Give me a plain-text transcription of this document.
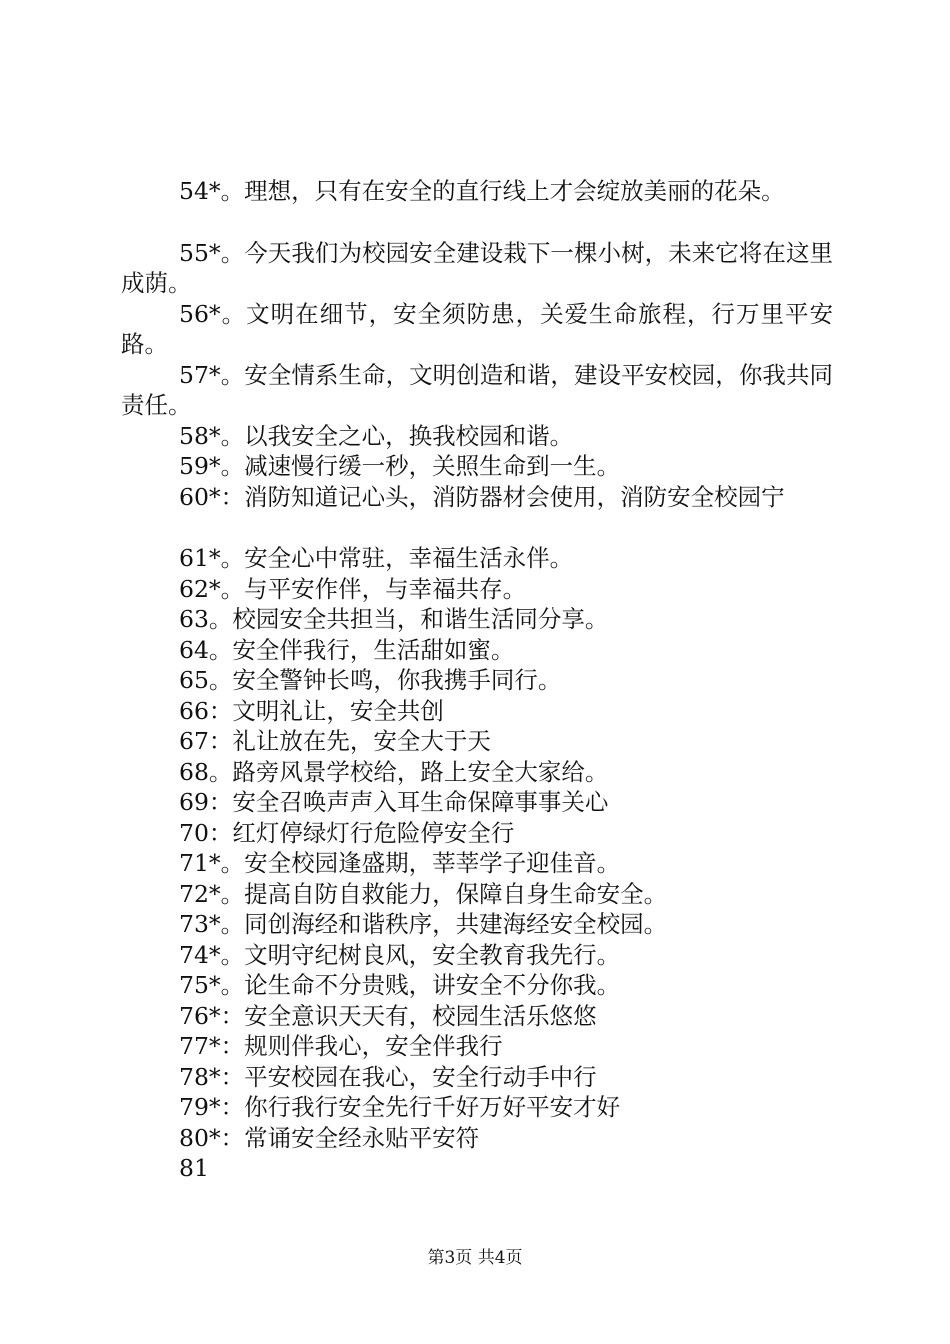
54*。理想，只有在安全的直行线上才会绽放美丽的花朵。

55*。今天我们为校园安全建设栽下一棵小树，未来它将在这里成荫。

56*。文明在细节，安全须防患，关爱生命旅程，行万里平安路。

57*。安全情系生命，文明创造和谐，建设平安校园，你我共同责任。

58*。以我安全之心，换我校园和谐。

59*。减速慢行缓一秒，关照生命到一生。

60*：消防知道记心头，消防器材会使用，消防安全校园宁

61*。安全心中常驻，幸福生活永伴。

62*。与平安作伴，与幸福共存。

63。校园安全共担当，和谐生活同分享。

64。安全伴我行，生活甜如蜜。

65。安全警钟长鸣，你我携手同行。

66：文明礼让，安全共创

67：礼让放在先，安全大于天

68。路旁风景学校给，路上安全大家给。

69：安全召唤声声入耳生命保障事事关心

70：红灯停绿灯行危险停安全行

71*。安全校园逢盛期，莘莘学子迎佳音。

72*。提高自防自救能力，保障自身生命安全。

73*。同创海经和谐秩序，共建海经安全校园。

74*。文明守纪树良风，安全教育我先行。

75*。论生命不分贵贱，讲安全不分你我。

76*：安全意识天天有，校园生活乐悠悠

77*：规则伴我心，安全伴我行

78*：平安校园在我心，安全行动手中行

79*：你行我行安全先行千好万好平安才好

80*：常诵安全经永贴平安符

81

第3页 共4页
